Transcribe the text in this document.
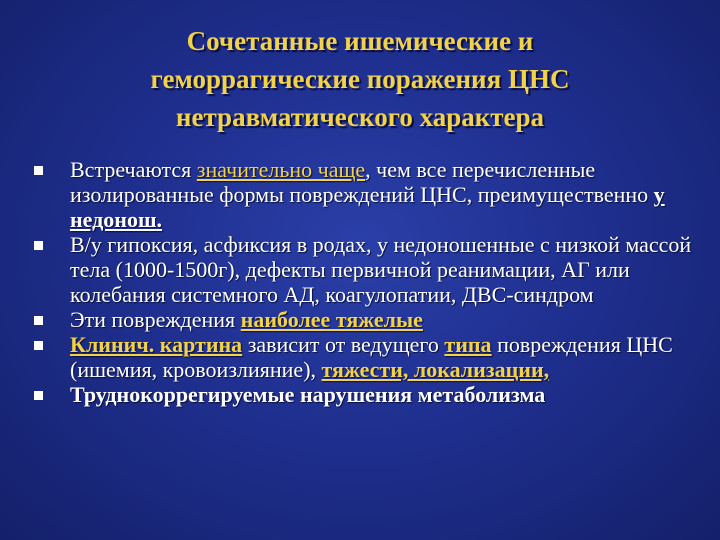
Сочетанные ишемические и
геморрагические поражения ЦНС
нетравматического характера
Встречаются значительно чаще, чем все перечисленные изолированные формы повреждений ЦНС, преимущественно у недонош.
В/у гипоксия, асфиксия в родах, у недоношенные с низкой массой тела (1000-1500г), дефекты первичной реанимации, АГ или колебания системного АД, коагулопатии, ДВС-синдром
Эти повреждения наиболее тяжелые
Клинич. картина зависит от ведущего типа повреждения ЦНС (ишемия, кровоизлияние), тяжести, локализации,
Труднокоррегируемые нарушения метаболизма
